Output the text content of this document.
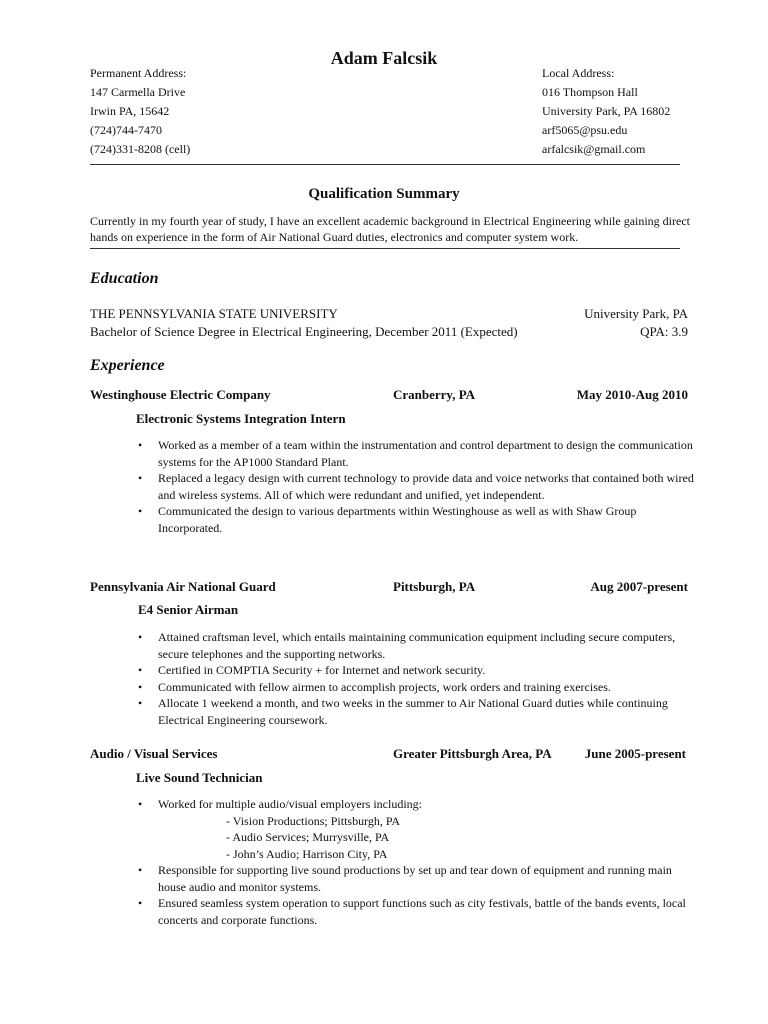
Adam Falcsik
Permanent Address:
147 Carmella Drive
Irwin PA, 15642
(724)744-7470
(724)331-8208 (cell)
Local Address:
016 Thompson Hall
University Park, PA 16802
arf5065@psu.edu
arfalcsik@gmail.com
Qualification Summary
Currently in my fourth year of study, I have an excellent academic background in Electrical Engineering while gaining direct hands on experience in the form of Air National Guard duties, electronics and computer system work.
Education
THE PENNSYLVANIA STATE UNIVERSITY	University Park, PA
Bachelor of Science Degree in Electrical Engineering, December 2011 (Expected)	QPA: 3.9
Experience
Westinghouse Electric Company	Cranberry, PA	May 2010-Aug 2010
Electronic Systems Integration Intern
• Worked as a member of a team within the instrumentation and control department to design the communication systems for the AP1000 Standard Plant.
• Replaced a legacy design with current technology to provide data and voice networks that contained both wired and wireless systems. All of which were redundant and unified, yet independent.
• Communicated the design to various departments within Westinghouse as well as with Shaw Group Incorporated.
Pennsylvania Air National Guard	Pittsburgh, PA	Aug 2007-present
E4 Senior Airman
• Attained craftsman level, which entails maintaining communication equipment including secure computers, secure telephones and the supporting networks.
• Certified in COMPTIA Security + for Internet and network security.
• Communicated with fellow airmen to accomplish projects, work orders and training exercises.
• Allocate 1 weekend a month, and two weeks in the summer to Air National Guard duties while continuing Electrical Engineering coursework.
Audio / Visual Services	Greater Pittsburgh Area, PA	June 2005-present
Live Sound Technician
• Worked for multiple audio/visual employers including:
- Vision Productions; Pittsburgh, PA
- Audio Services; Murrysville, PA
- John’s Audio; Harrison City, PA
• Responsible for supporting live sound productions by set up and tear down of equipment and running main house audio and monitor systems.
• Ensured seamless system operation to support functions such as city festivals, battle of the bands events, local concerts and corporate functions.
